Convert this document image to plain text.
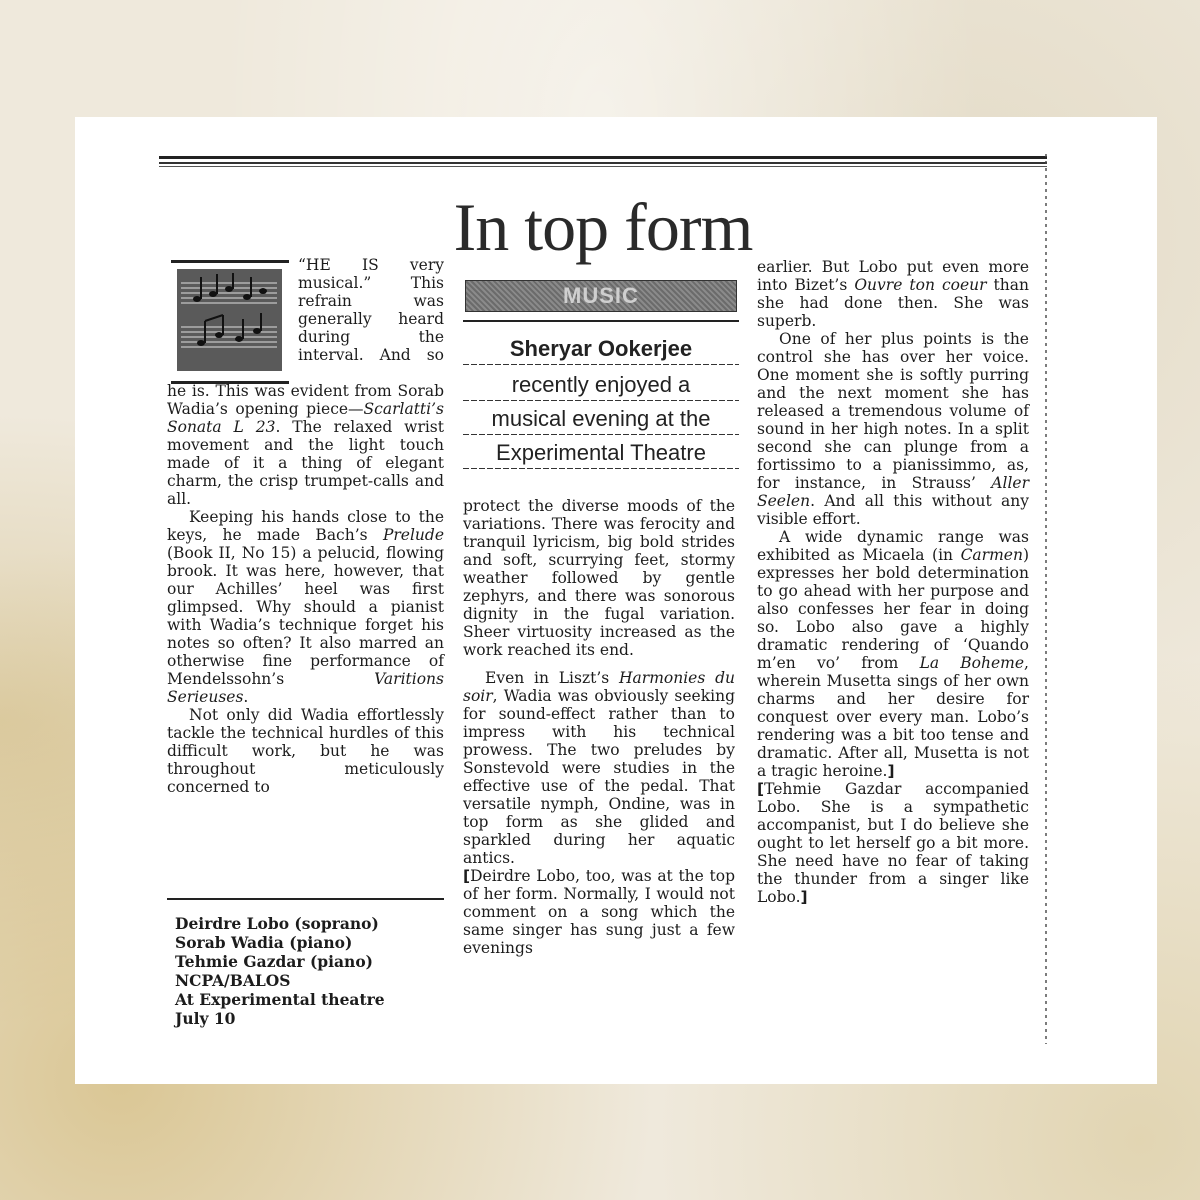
In top form

“HE IS very

musical.” This

refrain was

generally heard

during the

interval. And so

he is. This was evident from Sorab Wadia’s opening piece—Scarlatti’s Sonata L 23. The relaxed wrist movement and the light touch made of it a thing of elegant charm, the crisp trumpet-calls and all.

Keeping his hands close to the keys, he made Bach’s Prelude (Book II, No 15) a pelucid, flowing brook. It was here, however, that our Achilles’ heel was first glimpsed. Why should a pianist with Wadia’s technique forget his notes so often? It also marred an otherwise fine performance of Mendelssohn’s Varitions Serieuses.

Not only did Wadia effortlessly tackle the technical hurdles of this difficult work, but he was throughout meticulously concerned to

Deirdre Lobo (soprano)
Sorab Wadia (piano)
Tehmie Gazdar (piano)
NCPA/BALOS
At Experimental theatre
July 10
MUSIC
Sheryar Ookerjee
recently enjoyed a
musical evening at the
Experimental Theatre

protect the diverse moods of the variations. There was ferocity and tranquil lyricism, big bold strides and soft, scurrying feet, stormy weather followed by gentle zephyrs, and there was sonorous dignity in the fugal variation. Sheer virtuosity increased as the work reached its end.

Even in Liszt’s Harmonies du soir, Wadia was obviously seeking for sound-effect rather than to impress with his technical prowess. The two preludes by Sonstevold were studies in the effective use of the pedal. That versatile nymph, Ondine, was in top form as she glided and sparkled during her aquatic antics.

[Deirdre Lobo, too, was at the top of her form. Normally, I would not comment on a song which the same singer has sung just a few evenings

earlier. But Lobo put even more into Bizet’s Ouvre ton coeur than she had done then. She was superb.

One of her plus points is the control she has over her voice. One moment she is softly purring and the next moment she has released a tremendous volume of sound in her high notes. In a split second she can plunge from a fortissimo to a pianissimmo, as, for instance, in Strauss’ Aller Seelen. And all this without any visible effort.

A wide dynamic range was exhibited as Micaela (in Carmen) expresses her bold determination to go ahead with her purpose and also confesses her fear in doing so. Lobo also gave a highly dramatic rendering of ‘Quando m’en vo’ from La Boheme, wherein Musetta sings of her own charms and her desire for conquest over every man. Lobo’s rendering was a bit too tense and dramatic. After all, Musetta is not a tragic heroine.]

[Tehmie Gazdar accompanied Lobo. She is a sympathetic accompanist, but I do believe she ought to let herself go a bit more. She need have no fear of taking the thunder from a singer like Lobo.]
